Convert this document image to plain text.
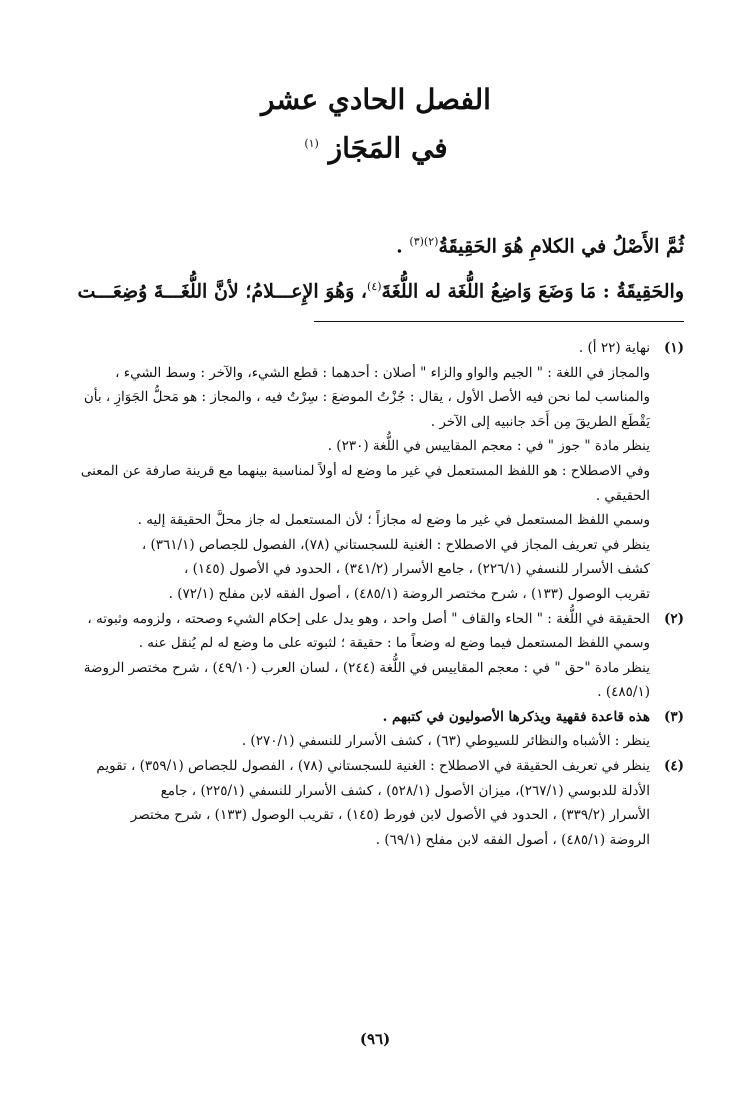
الفصل الحادي عشر
في المَجَاز $^{(١)}$

ثُمَّ الأَصْلُ في الكلامِ هُوَ الحَقِيقَةُ$^{(٢)(٣)}$ .

والحَقِيقَةُ : مَا وَضَعَ وَاضِعُ اللُّغَة له اللُّغَةَ$^{(٤)}$، وَهُوَ الإِعـــلامُ؛ لأنَّ اللُّغَـــةَ وُضِعَـــت

(١)

نهاية (٢٢ أ) .

والمجاز في اللغة : " الجيم والواو والزاء " أصلان : أحدهما : قطع الشيء، والآخر : وسط الشيء ،

والمناسب لما نحن فيه الأصل الأول ، يقال : جُزْتُ الموضعَ : سِرْتُ فيه ، والمجاز : هو مَحلُّ الجَوَازِ ، بأن

يَقْطَع الطريقَ مِن أَحَد جانبيه إلى الآخر .

ينظر مادة " جوز " في : معجم المقاييس في اللُّغة (٢٣٠) .

وفي الاصطلاح : هو اللفظ المستعمل في غير ما وضع له أولاً لمناسبة بينهما مع قرينة صارفة عن المعنى

الحقيقي .

وسمي اللفظ المستعمل في غير ما وضع له مجازاً ؛ لأن المستعمل له جاز محلَّ الحقيقة إليه .

ينظر في تعريف المجاز في الاصطلاح : الغنية للسجستاني (٧٨)، الفصول للجصاص (٣٦١/١) ،

كشف الأسرار للنسفي (٢٢٦/١) ، جامع الأسرار (٣٤١/٢) ، الحدود في الأصول (١٤٥) ،

تقريب الوصول (١٣٣) ، شرح مختصر الروضة (٤٨٥/١) ، أصول الفقه لابن مفلح (٧٢/١) .

(٢)

الحقيقة في اللُّغة : " الحاء والقاف " أصل واحد ، وهو يدل على إحكام الشيء وصحته ، ولزومه وثبوته ،

وسمي اللفظ المستعمل فيما وضع له وضعاً ما : حقيقة ؛ لثبوته على ما وضع له لم يُنقل عنه .

ينظر مادة "حق " في : معجم المقاييس في اللُّغة (٢٤٤) ، لسان العرب (٤٩/١٠) ، شرح مختصر الروضة

(٤٨٥/١) .

(٣)

هذه قاعدة فقهية ويذكرها الأصوليون في كتبهم .

ينظر : الأشباه والنظائر للسيوطي (٦٣) ، كشف الأسرار للنسفي (٢٧٠/١) .

(٤)

ينظر في تعريف الحقيقة في الاصطلاح : الغنية للسجستاني (٧٨) ، الفصول للجصاص (٣٥٩/١) ، تقويم

الأدلة للدبوسي (٢٦٧/١)، ميزان الأصول (٥٢٨/١) ، كشف الأسرار للنسفي (٢٢٥/١) ، جامع

الأسرار (٣٣٩/٢) ، الحدود في الأصول لابن فورط (١٤٥) ، تقريب الوصول (١٣٣) ، شرح مختصر

الروضة (٤٨٥/١) ، أصول الفقه لابن مفلح (٦٩/١) .

(٩٦)
